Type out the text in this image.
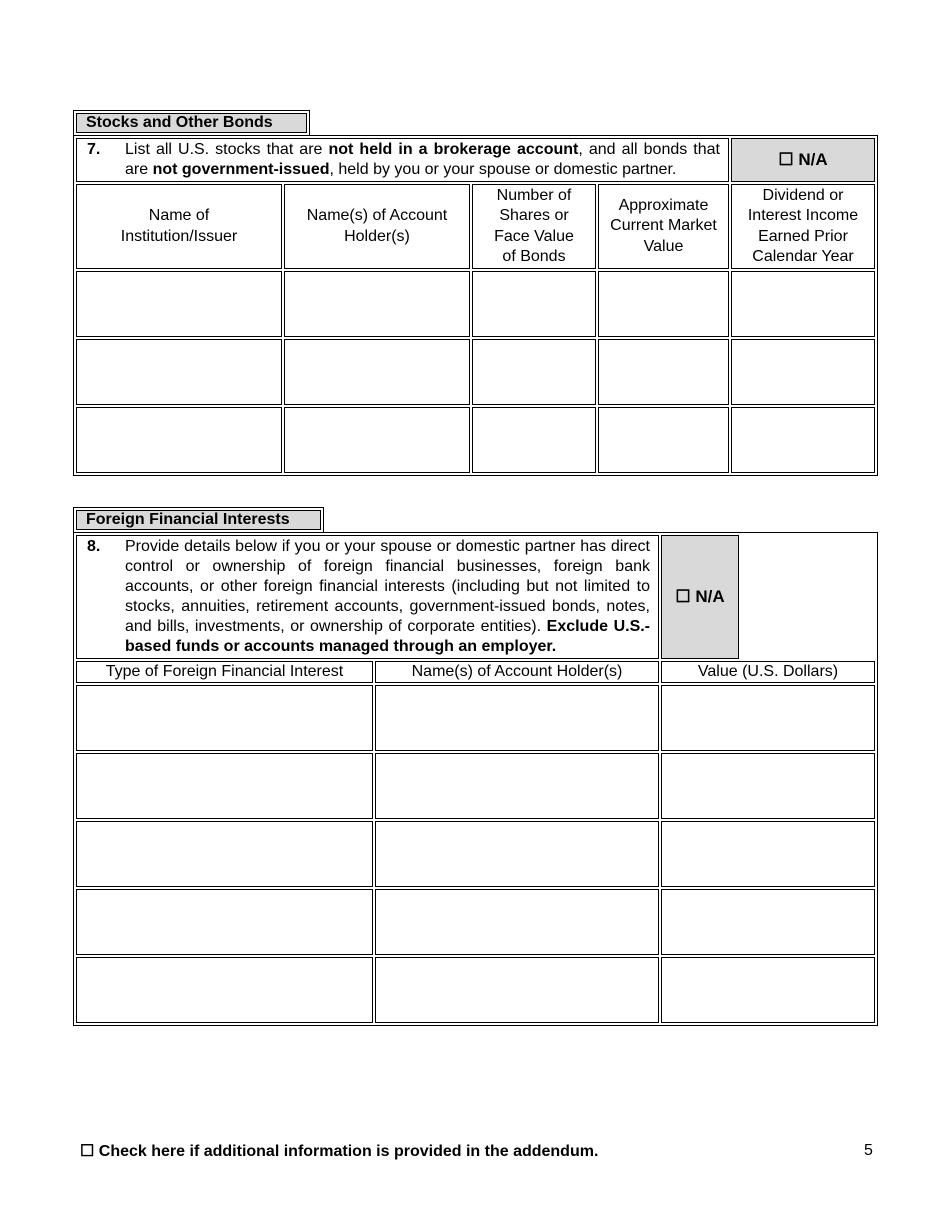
Stocks and Other Bonds
7. List all U.S. stocks that are not held in a brokerage account, and all bonds that are not government-issued, held by you or your spouse or domestic partner.				☐ N/A
Name of Institution/Issuer	Name(s) of Account Holder(s)	Number of Shares or Face Value of Bonds	Approximate Current Market Value	Dividend or Interest Income Earned Prior Calendar Year

Foreign Financial Interests
8. Provide details below if you or your spouse or domestic partner has direct control or ownership of foreign financial businesses, foreign bank accounts, or other foreign financial interests (including but not limited to stocks, annuities, retirement accounts, government-issued bonds, notes, and bills, investments, or ownership of corporate entities). Exclude U.S.-based funds or accounts managed through an employer.		☐ N/A

Type of Foreign Financial Interest	Name(s) of Account Holder(s)	Value (U.S. Dollars)

☐ Check here if additional information is provided in the addendum.	5
